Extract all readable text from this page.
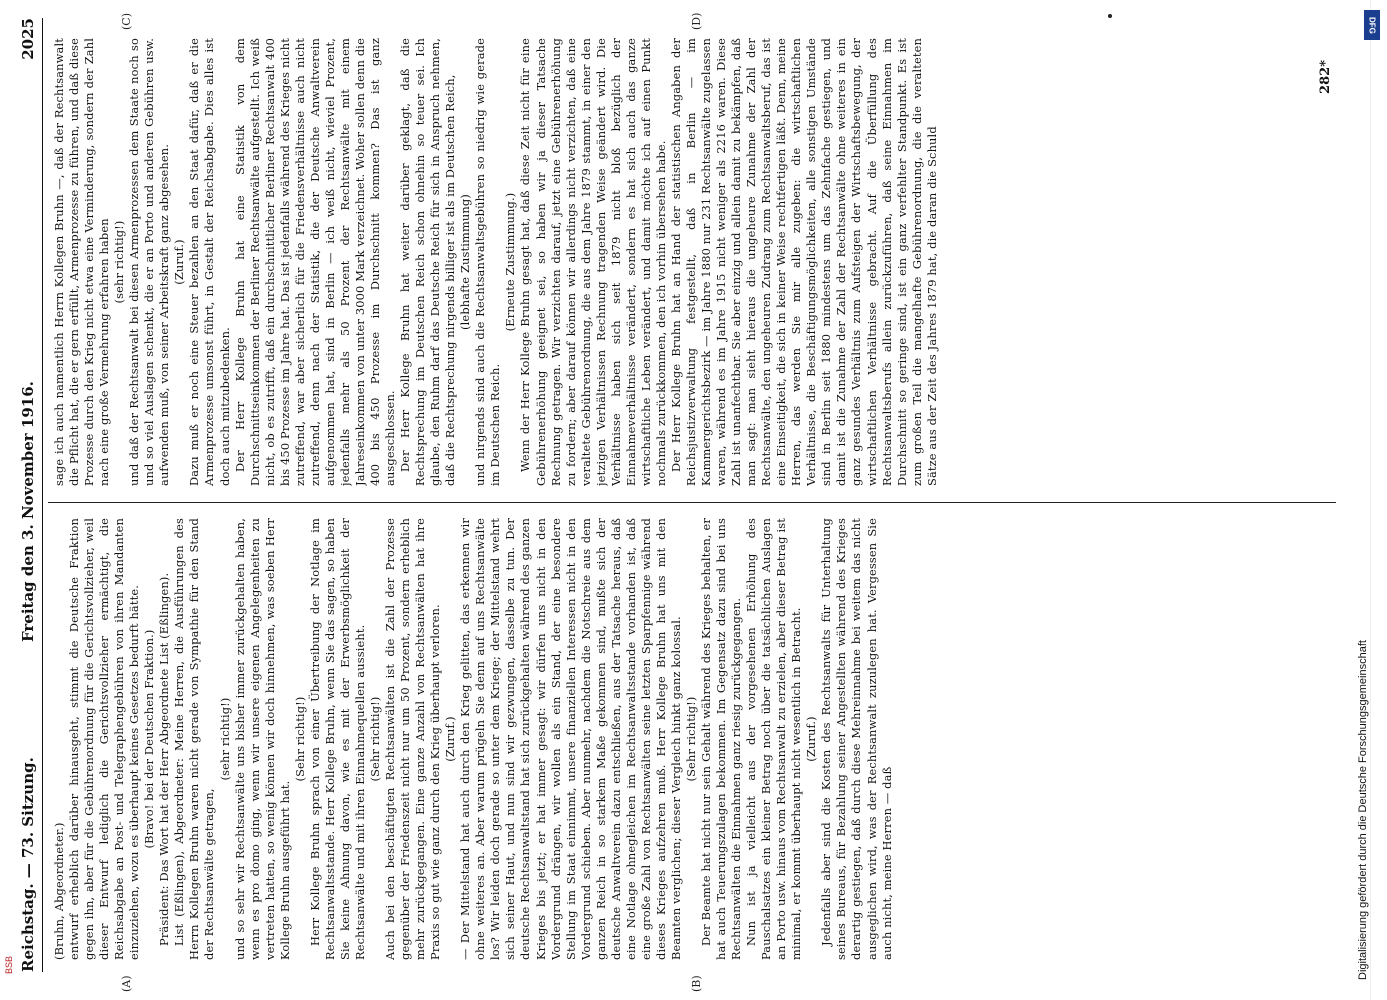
Reichstag. — 73. Sitzung.
Freitag den 3. November 1916.
2025
(A)	(B)
(C)	(D)

(Bruhn, Abgeordneter.) entwurf erheblich darüber hinausgeht, stimmt die Deutsche Fraktion gegen ihn, aber für die Gebührenordnung für die Gerichtsvollzieher, weil dieser Entwurf lediglich die Gerichtsvollzieher ermächtigt, die Reichsabgabe an Post- und Telegraphengebühren von ihren Mandanten einzuziehen, wozu es überhaupt keines Gesetzes bedurft hätte. (Bravo! bei der Deutschen Fraktion.) Präsident: Das Wort hat der Herr Abgeordnete List (Eßlingen). List (Eßlingen), Abgeordneter: Meine Herren, die Ausführungen des Herrn Kollegen Bruhn waren nicht gerade von Sympathie für den Stand der Rechtsanwälte getragen,

(sehr richtig!) und so sehr wir Rechtsanwälte uns bisher immer zurückgehalten haben, wenn es pro domo ging, wenn wir unsere eigenen Angelegenheiten zu vertreten hatten, so wenig können wir doch hinnehmen, was soeben Herr Kollege Bruhn ausgeführt hat.

(Sehr richtig!) Herr Kollege Bruhn sprach von einer Übertreibung der Notlage im Rechtsanwaltsstande. Herr Kollege Bruhn, wenn Sie das sagen, so haben Sie keine Ahnung davon, wie es mit der Erwerbsmöglichkeit der Rechtsanwälte und mit ihren Einnahmequellen aussieht. (Sehr richtig!) Auch bei den beschäftigten Rechtsanwälten ist die Zahl der Prozesse gegenüber der Friedenszeit nicht nur um 50 Prozent, sondern erheblich mehr zurückgegangen. Eine ganze Anzahl von Rechtsanwälten hat ihre Praxis so gut wie ganz durch den Krieg überhaupt verloren. (Zuruf.) — Der Mittelstand hat auch durch den Krieg gelitten, das erkennen wir ohne weiteres an. Aber warum prügeln Sie denn auf uns Rechtsanwälte los? Wir leiden doch gerade so unter dem Kriege; der Mittelstand wehrt sich seiner Haut, und nun sind wir gezwungen, dasselbe zu tun. Der deutsche Rechtsanwaltstand hat sich zurückgehalten während des ganzen Krieges bis jetzt; er hat immer gesagt: wir dürfen uns nicht in den Vordergrund drängen, wir wollen als ein Stand, der eine besondere Stellung im Staat einnimmt, unsere finanziellen Interessen nicht in den Vordergrund schieben. Aber nunmehr, nachdem die Notschreie aus dem ganzen Reich in so starkem Maße gekommen sind, mußte sich der deutsche Anwaltverein dazu entschließen, aus der Tatsache heraus, daß eine Notlage ohnegleichen im Rechtsanwaltsstande vorhanden ist, daß eine große Zahl von Rechtsanwälten seine letzten Sparpfennige während dieses Krieges aufzehren muß. Herr Kollege Bruhn hat uns mit den Beamten verglichen; dieser Vergleich hinkt ganz kolossal. (Sehr richtig!) Der Beamte hat nicht nur sein Gehalt während des Krieges behalten, er hat auch Teuerungszulagen bekommen. Im Gegensatz dazu sind bei uns Rechtsanwälten die Einnahmen ganz riesig zurückgegangen. Nun ist ja vielleicht aus der vorgesehenen Erhöhung des Pauschalsatzes ein kleiner Betrag noch über die tatsächlichen Auslagen an Porto usw. hinaus vom Rechtsanwalt zu erzielen, aber dieser Betrag ist minimal, er kommt überhaupt nicht wesentlich in Betracht. (Zuruf.) Jedenfalls aber sind die Kosten des Rechtsanwalts für Unterhaltung seines Bureaus, für Bezahlung seiner Angestellten während des Krieges derartig gestiegen, daß durch diese Mehreinnahme bei weitem das nicht ausgeglichen wird, was der Rechtsanwalt zuzulegen hat. Vergessen Sie auch nicht, meine Herren — daß

sage ich auch namentlich Herrn Kollegen Bruhn —, daß der Rechtsanwalt die Pflicht hat, die er gern erfüllt, Armenprozesse zu führen, und daß diese Prozesse durch den Krieg nicht etwa eine Verminderung, sondern der Zahl nach eine große Vermehrung erfahren haben (sehr richtig!) und daß der Rechtsanwalt bei diesen Armenprozessen dem Staate noch so und so viel Auslagen schenkt, die er an Porto und anderen Gebühren usw. aufwenden muß, von seiner Arbeitskraft ganz abgesehen. (Zuruf.) Dazu muß er noch eine Steuer bezahlen an den Staat dafür, daß er die Armenprozesse umsonst führt, in Gestalt der Reichsabgabe. Dies alles ist doch auch mitzubedenken. Der Herr Kollege Bruhn hat eine Statistik von dem Durchschnittseinkommen der Berliner Rechtsanwälte aufgestellt. Ich weiß nicht, ob es zutrifft, daß ein durchschnittlicher Berliner Rechtsanwalt 400 bis 450 Prozesse im Jahre hat. Das ist jedenfalls während des Krieges nicht zutreffend, war aber sicherlich für die Friedensverhältnisse auch nicht zutreffend, denn nach der Statistik, die der Deutsche Anwaltverein aufgenommen hat, sind in Berlin — ich weiß nicht, wieviel Prozent, jedenfalls mehr als 50 Prozent der Rechtsanwälte mit einem Jahreseinkommen von unter 3000 Mark verzeichnet. Woher sollen denn die 400 bis 450 Prozesse im Durchschnitt kommen? Das ist ganz ausgeschlossen. Der Herr Kollege Bruhn hat weiter darüber geklagt, daß die Rechtsprechung im Deutschen Reich schon ohnehin so teuer sei. Ich glaube, den Ruhm darf das Deutsche Reich für sich in Anspruch nehmen, daß die Rechtsprechung nirgends billiger ist als im Deutschen Reich, (lebhafte Zustimmung) und nirgends sind auch die Rechtsanwaltsgebühren so niedrig wie gerade im Deutschen Reich.

(Erneute Zustimmung.) Wenn der Herr Kollege Bruhn gesagt hat, daß diese Zeit nicht für eine Gebührenerhöhung geeignet sei, so haben wir ja dieser Tatsache Rechnung getragen. Wir verzichten darauf, jetzt eine Gebührenerhöhung zu fordern; aber darauf können wir allerdings nicht verzichten, daß eine veraltete Gebührenordnung, die aus dem Jahre 1879 stammt, in einer den jetzigen Verhältnissen Rechnung tragenden Weise geändert wird. Die Verhältnisse haben sich seit 1879 nicht bloß bezüglich der Einnahmeverhältnisse verändert, sondern es hat sich auch das ganze wirtschaftliche Leben verändert, und damit möchte ich auf einen Punkt nochmals zurückkommen, den ich vorhin übersehen habe. Der Herr Kollege Bruhn hat an Hand der statistischen Angaben der Reichsjustizverwaltung festgestellt, daß in Berlin — im Kammergerichtsbezirk — im Jahre 1880 nur 231 Rechtsanwälte zugelassen waren, während es im Jahre 1915 nicht weniger als 2216 waren. Diese Zahl ist unanfechtbar. Sie aber einzig und allein damit zu bekämpfen, daß man sagt: man sieht hieraus die ungeheure Zunahme der Zahl der Rechtsanwälte, den ungeheuren Zudrang zum Rechtsanwaltsberuf, das ist eine Einseitigkeit, die sich in keiner Weise rechtfertigen läßt. Denn, meine Herren, das werden Sie mir alle zugeben: die wirtschaftlichen Verhältnisse, die Beschäftigungsmöglichkeiten, alle sonstigen Umstände sind in Berlin seit 1880 mindestens um das Zehnfache gestiegen, und damit ist die Zunahme der Zahl der Rechtsanwälte ohne weiteres in ein ganz gesundes Verhältnis zum Aufsteigen der Wirtschaftsbewegung, der wirtschaftlichen Verhältnisse gebracht. Auf die Überfüllung des Rechtsanwaltsberufs allein zurückzuführen, daß seine Einnahmen im Durchschnitt so geringe sind, ist ein ganz verfehlter Standpunkt. Es ist zum großen Teil die mangelhafte Gebührenordnung, die die veralteten Sätze aus der Zeit des Jahres 1879 hat, die daran die Schuld

282*
DFG
Digitalisierung gefördert durch die Deutsche Forschungsgemeinschaft
BSB
